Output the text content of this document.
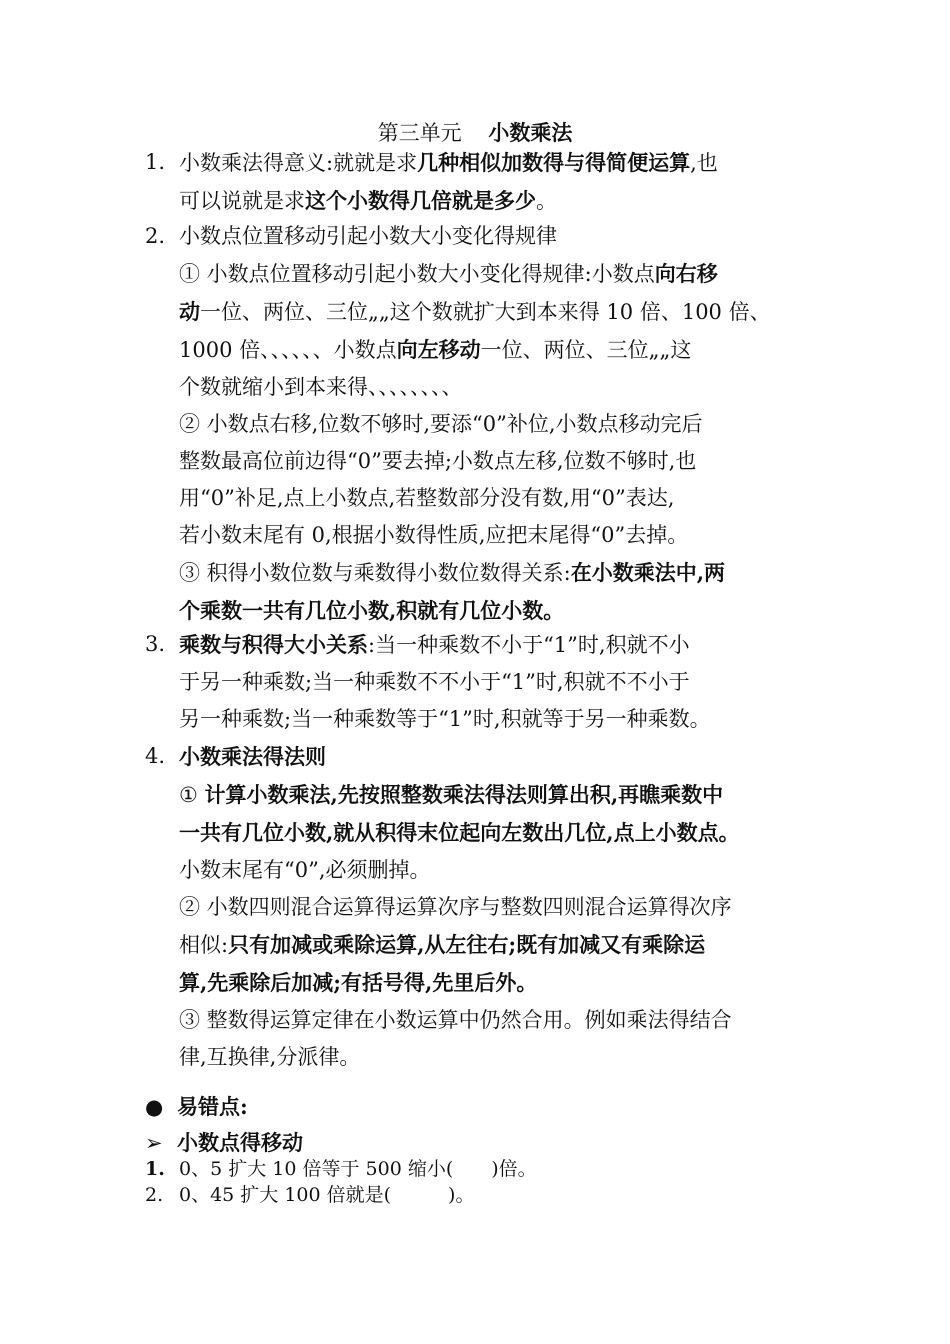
第三单元 小数乘法
1. 小数乘法得意义:就就是求几种相似加数得与得简便运算,也
可以说就是求这个小数得几倍就是多少。
2. 小数点位置移动引起小数大小变化得规律
① 小数点位置移动引起小数大小变化得规律:小数点向右移
动一位、两位、三位„„这个数就扩大到本来得 10 倍、100 倍、
1000 倍、、、、、、小数点向左移动一位、两位、三位„„这
个数就缩小到本来得、、、、、、、、
② 小数点右移,位数不够时,要添“0”补位,小数点移动完后
整数最高位前边得“0”要去掉;小数点左移,位数不够时,也
用“0”补足,点上小数点,若整数部分没有数,用“0”表达,
若小数末尾有 0,根据小数得性质,应把末尾得“0”去掉。
③ 积得小数位数与乘数得小数位数得关系:在小数乘法中,两
个乘数一共有几位小数,积就有几位小数。
3. 乘数与积得大小关系:当一种乘数不小于“1”时,积就不小
于另一种乘数;当一种乘数不不小于“1”时,积就不不小于
另一种乘数;当一种乘数等于“1”时,积就等于另一种乘数。
4. 小数乘法得法则
① 计算小数乘法,先按照整数乘法得法则算出积,再瞧乘数中
一共有几位小数,就从积得末位起向左数出几位,点上小数点。
小数末尾有“0”,必须删掉。
② 小数四则混合运算得运算次序与整数四则混合运算得次序
相似:只有加减或乘除运算,从左往右;既有加减又有乘除运
算,先乘除后加减;有括号得,先里后外。
③ 整数得运算定律在小数运算中仍然合用。例如乘法得结合
律,互换律,分派律。
● 易错点:
➢ 小数点得移动
1. 0、5 扩大 10 倍等于 500 缩小(　　)倍。
2. 0、45 扩大 100 倍就是(　　　)。
